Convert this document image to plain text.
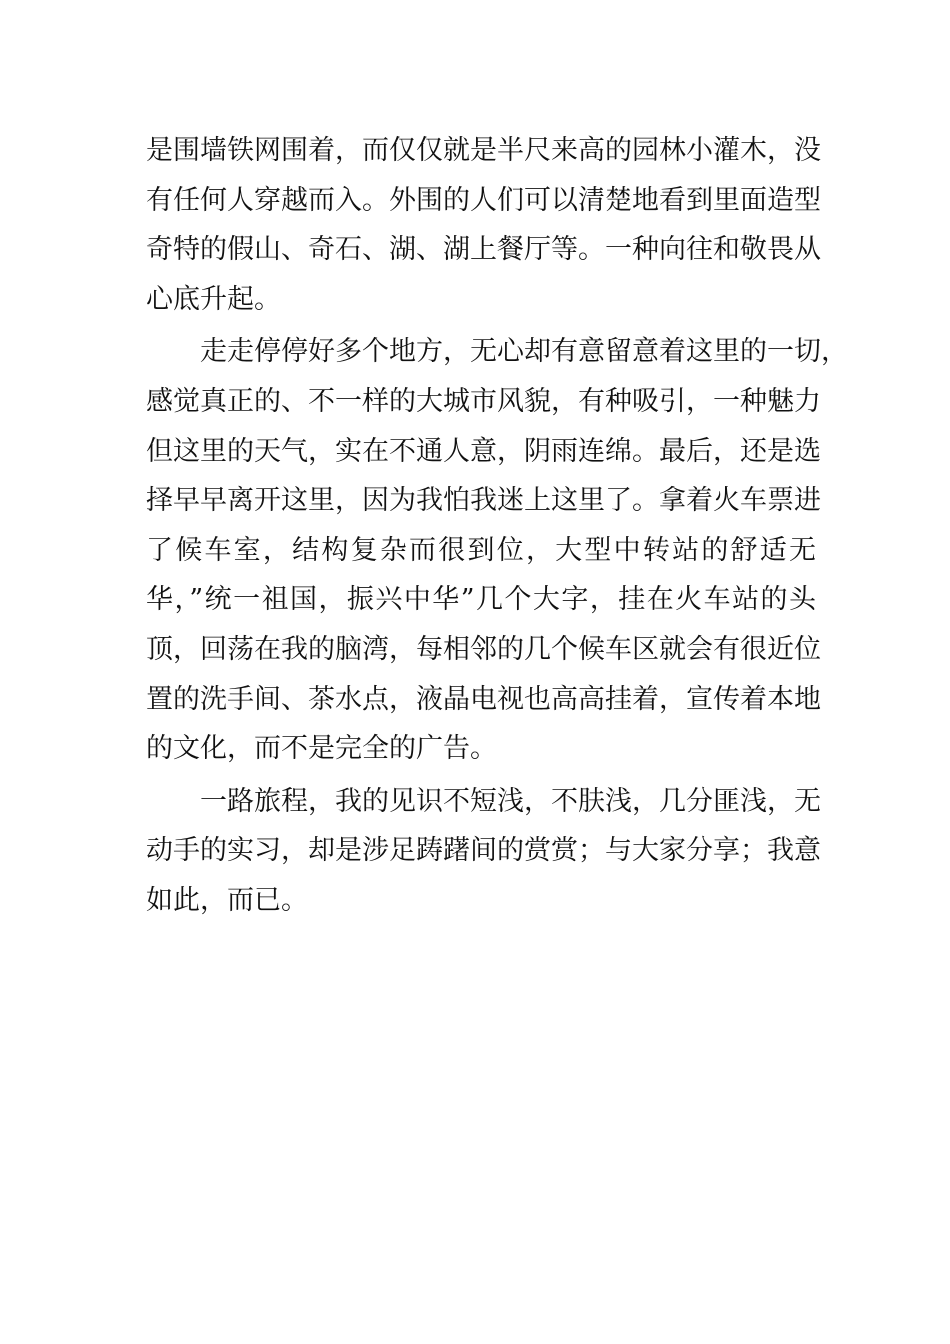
是围墙铁网围着，而仅仅就是半尺来高的园林小灌木，没
有任何人穿越而入。外围的人们可以清楚地看到里面造型
奇特的假山、奇石、湖、湖上餐厅等。一种向往和敬畏从
心底升起。
走走停停好多个地方，无心却有意留意着这里的一切，
感觉真正的、不一样的大城市风貌，有种吸引，一种魅力
但这里的天气，实在不通人意，阴雨连绵。最后，还是选
择早早离开这里，因为我怕我迷上这里了。拿着火车票进
了候车室，结构复杂而很到位，大型中转站的舒适无
华，”统一祖国，振兴中华”几个大字，挂在火车站的头
顶，回荡在我的脑湾，每相邻的几个候车区就会有很近位
置的洗手间、茶水点，液晶电视也高高挂着，宣传着本地
的文化，而不是完全的广告。
一路旅程，我的见识不短浅，不肤浅，几分匪浅，无
动手的实习，却是涉足踌躇间的赏赏；与大家分享；我意
如此，而已。
